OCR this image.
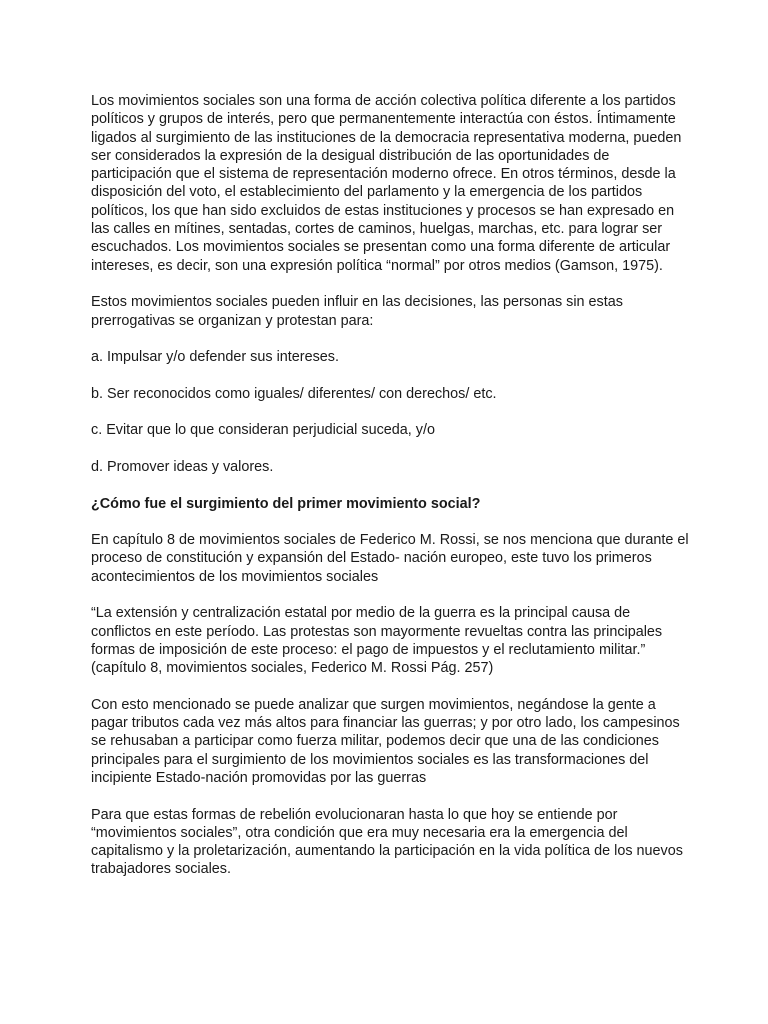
Los movimientos sociales son una forma de acción colectiva política diferente a los partidos políticos y grupos de interés, pero que permanentemente interactúa con éstos. Íntimamente ligados al surgimiento de las instituciones de la democracia representativa moderna, pueden ser considerados la expresión de la desigual distribución de las oportunidades de participación que el sistema de representación moderno ofrece. En otros términos, desde la disposición del voto, el establecimiento del parlamento y la emergencia de los partidos políticos, los que han sido excluidos de estas instituciones y procesos se han expresado en las calles en mítines, sentadas, cortes de caminos, huelgas, marchas, etc. para lograr ser escuchados. Los movimientos sociales se presentan como una forma diferente de articular intereses, es decir, son una expresión política “normal” por otros medios (Gamson, 1975).

Estos movimientos sociales pueden influir en las decisiones, las personas sin estas prerrogativas se organizan y protestan para:

a. Impulsar y/o defender sus intereses.

b. Ser reconocidos como iguales/ diferentes/ con derechos/ etc.

c. Evitar que lo que consideran perjudicial suceda, y/o

d. Promover ideas y valores.

¿Cómo fue el surgimiento del primer movimiento social?

En capítulo 8 de movimientos sociales de Federico M. Rossi, se nos menciona que durante el proceso de constitución y expansión del Estado- nación europeo, este tuvo los primeros acontecimientos de los movimientos sociales

“La extensión y centralización estatal por medio de la guerra es la principal causa de conflictos en este período. Las protestas son mayormente revueltas contra las principales formas de imposición de este proceso: el pago de impuestos y el reclutamiento militar.”

(capítulo 8, movimientos sociales, Federico M. Rossi Pág. 257)

Con esto mencionado se puede analizar que surgen movimientos, negándose la gente a pagar tributos cada vez más altos para financiar las guerras; y por otro lado, los campesinos se rehusaban a participar como fuerza militar, podemos decir que una de las condiciones principales para el surgimiento de los movimientos sociales es las transformaciones del incipiente Estado-nación promovidas por las guerras

Para que estas formas de rebelión evolucionaran hasta lo que hoy se entiende por “movimientos sociales”, otra condición que era muy necesaria era la emergencia del capitalismo y la proletarización, aumentando la participación en la vida política de los nuevos trabajadores sociales.
